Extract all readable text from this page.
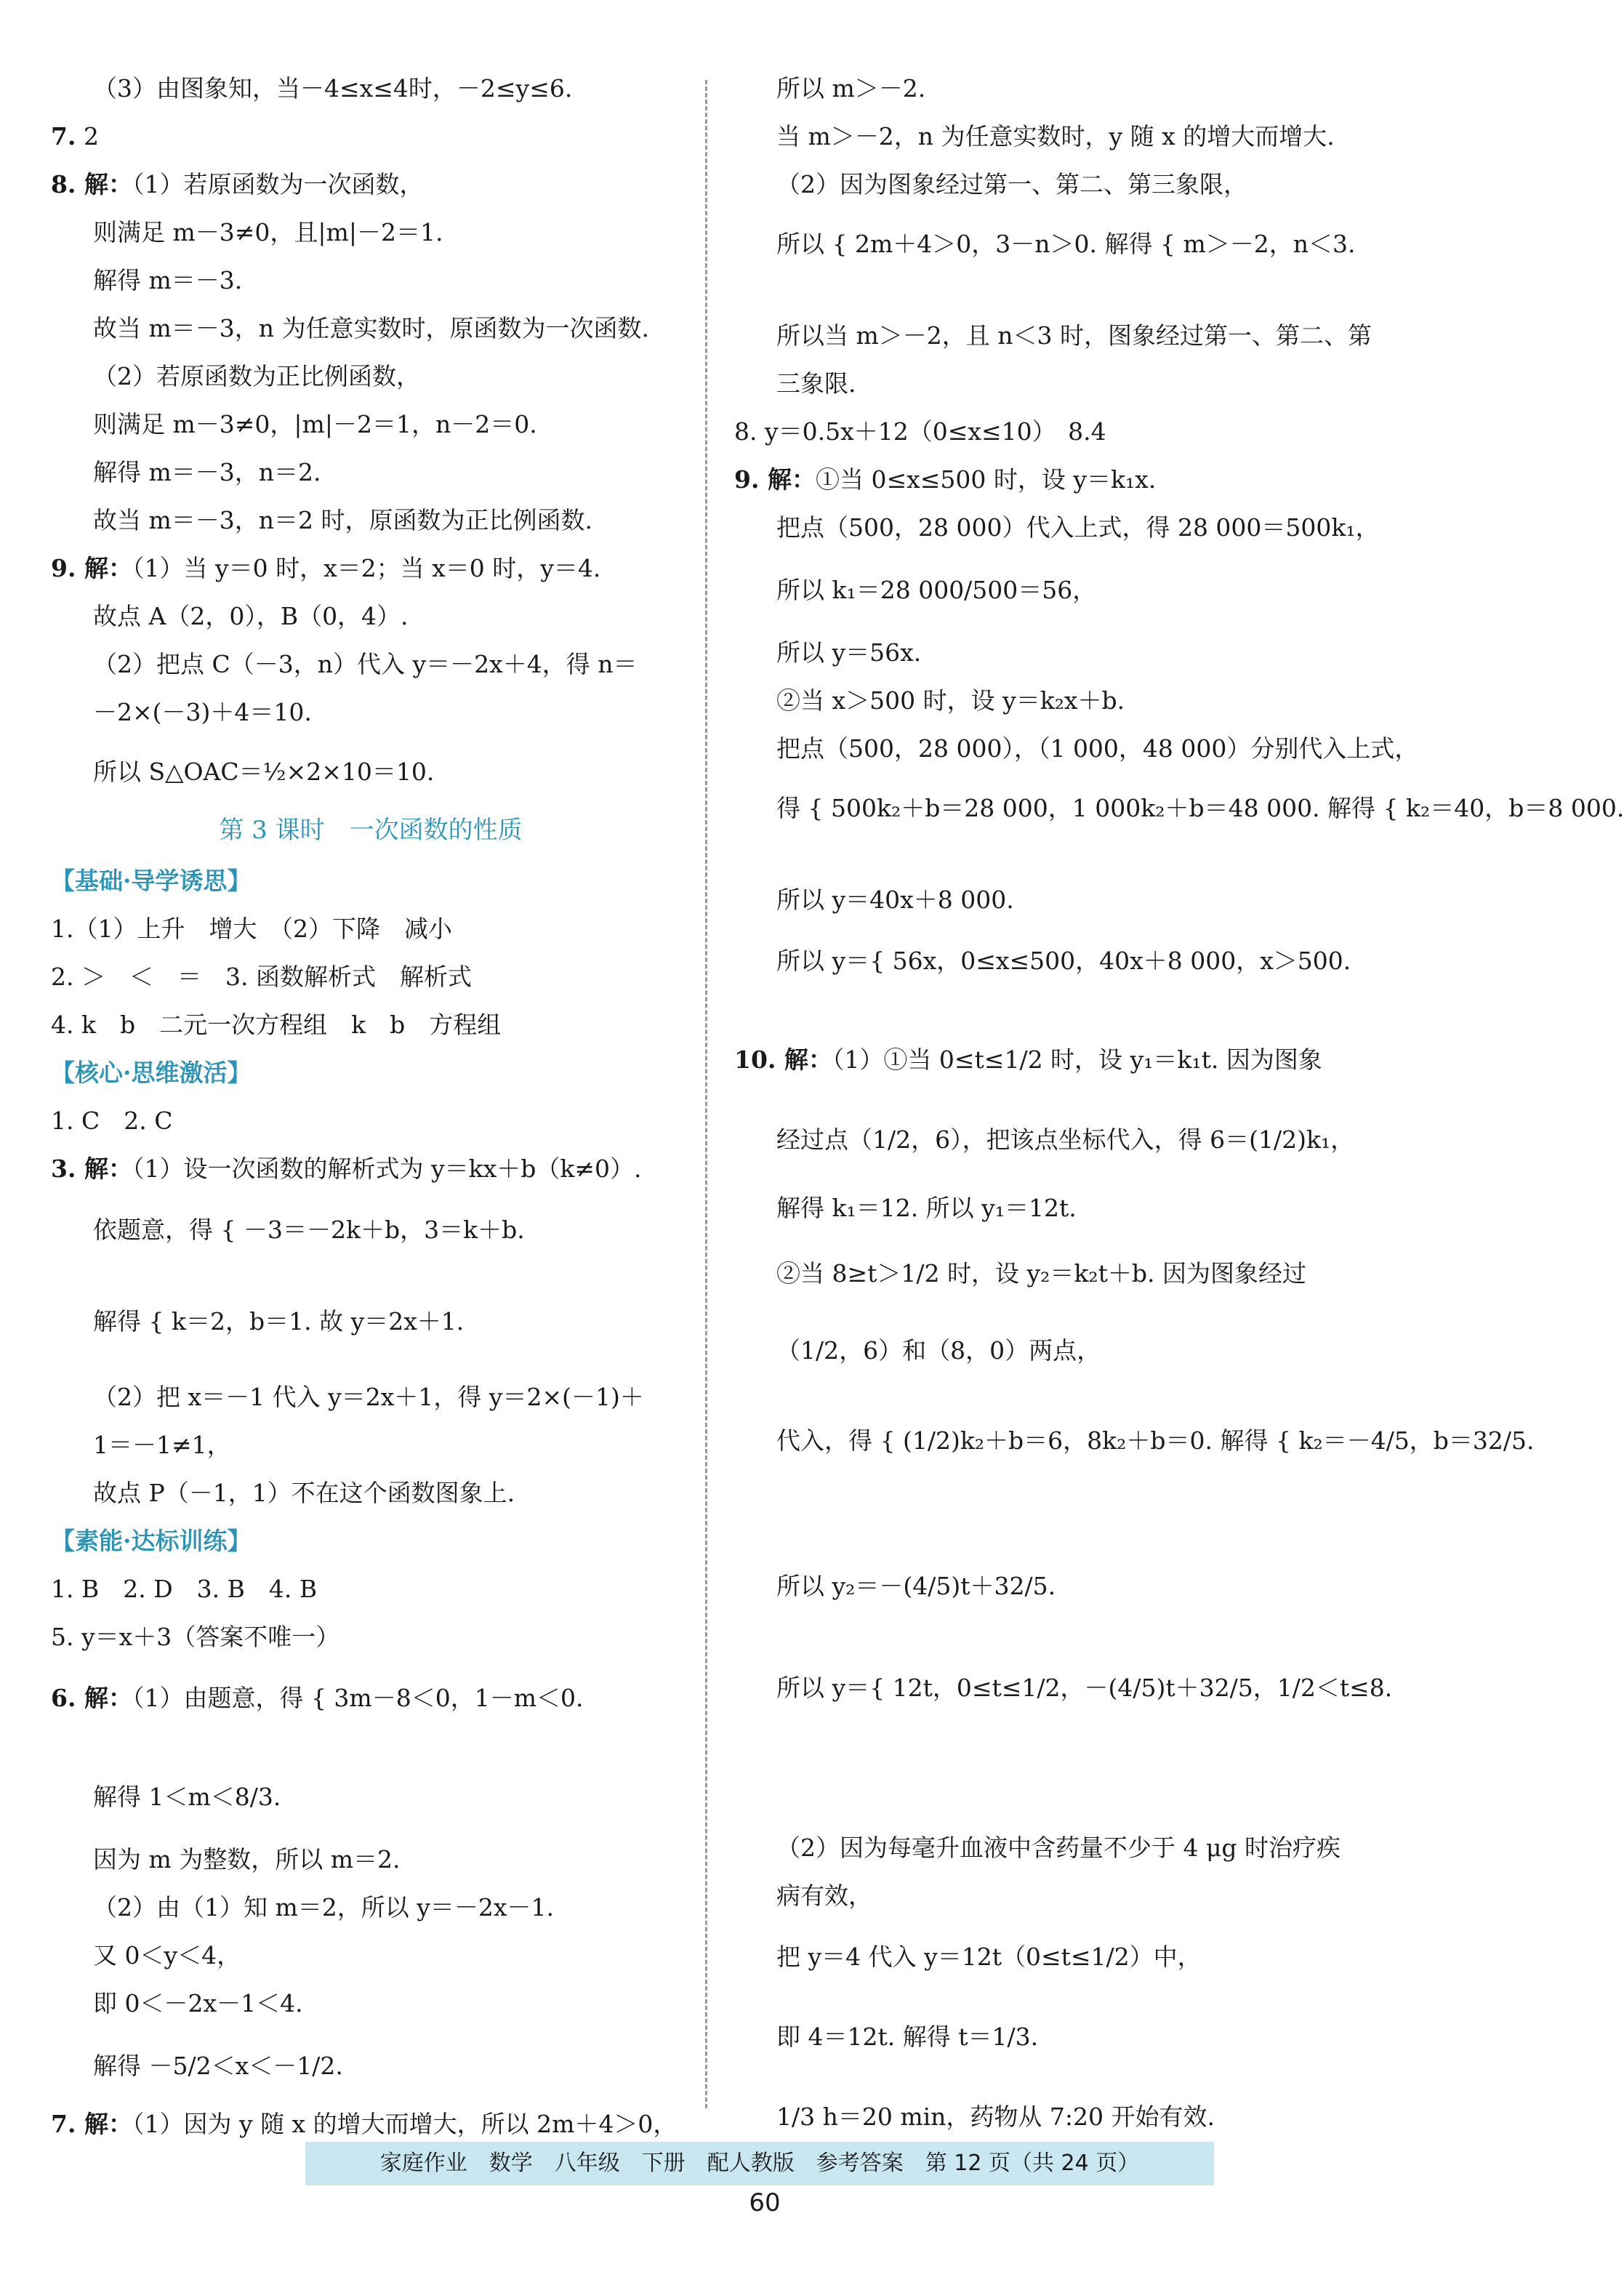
（3）由图象知，当－4≤x≤4时，－2≤y≤6.
7. 2
8. 解：（1）若原函数为一次函数，
则满足 m－3≠0，且|m|－2＝1.
解得 m＝－3.
故当 m＝－3，n 为任意实数时，原函数为一次函数.
（2）若原函数为正比例函数，
则满足 m－3≠0，|m|－2＝1，n－2＝0.
解得 m＝－3，n＝2.
故当 m＝－3，n＝2 时，原函数为正比例函数.
9. 解：（1）当 y＝0 时，x＝2；当 x＝0 时，y＝4.
故点 A（2，0），B（0，4）.
（2）把点 C（－3，n）代入 y＝－2x＋4，得 n＝
－2×(－3)＋4＝10.
所以 S△OAC＝½×2×10＝10.
第 3 课时　一次函数的性质
【基础·导学诱思】
1.（1）上升　增大　（2）下降　减小
2. ＞　＜　＝　3. 函数解析式　解析式
4. k　b　二元一次方程组　k　b　方程组
【核心·思维激活】
1. C　2. C
3. 解：（1）设一次函数的解析式为 y＝kx＋b（k≠0）.
依题意，得 { －3＝－2k＋b，3＝k＋b.
解得 { k＝2，b＝1. 故 y＝2x＋1.
（2）把 x＝－1 代入 y＝2x＋1，得 y＝2×(－1)＋
1＝－1≠1，
故点 P（－1，1）不在这个函数图象上.
【素能·达标训练】
1. B　2. D　3. B　4. B
5. y＝x＋3（答案不唯一）
6. 解：（1）由题意，得 { 3m－8＜0，1－m＜0.
解得 1＜m＜8/3.
因为 m 为整数，所以 m＝2.
（2）由（1）知 m＝2，所以 y＝－2x－1.
又 0＜y＜4，
即 0＜－2x－1＜4.
解得 －5/2＜x＜－1/2.
7. 解：（1）因为 y 随 x 的增大而增大，所以 2m＋4＞0，
所以 m＞－2.
当 m＞－2，n 为任意实数时，y 随 x 的增大而增大.
（2）因为图象经过第一、第二、第三象限，
所以 { 2m＋4＞0，3－n＞0. 解得 { m＞－2，n＜3.
所以当 m＞－2，且 n＜3 时，图象经过第一、第二、第
三象限.
8. y＝0.5x＋12（0≤x≤10）　8.4
9. 解：①当 0≤x≤500 时，设 y＝k₁x.
把点（500，28 000）代入上式，得 28 000＝500k₁，
所以 k₁＝28 000/500＝56，
所以 y＝56x.
②当 x＞500 时，设 y＝k₂x＋b.
把点（500，28 000），（1 000，48 000）分别代入上式，
得 { 500k₂＋b＝28 000，1 000k₂＋b＝48 000. 解得 { k₂＝40，b＝8 000.
所以 y＝40x＋8 000.
所以 y＝{ 56x，0≤x≤500，40x＋8 000，x＞500.
10. 解：（1）①当 0≤t≤1/2 时，设 y₁＝k₁t. 因为图象
经过点（1/2，6），把该点坐标代入，得 6＝(1/2)k₁，
解得 k₁＝12. 所以 y₁＝12t.
②当 8≥t＞1/2 时，设 y₂＝k₂t＋b. 因为图象经过
（1/2，6）和（8，0）两点，
代入，得 { (1/2)k₂＋b＝6，8k₂＋b＝0. 解得 { k₂＝－4/5，b＝32/5.
所以 y₂＝－(4/5)t＋32/5.
所以 y＝{ 12t，0≤t≤1/2，－(4/5)t＋32/5，1/2＜t≤8.
（2）因为每毫升血液中含药量不少于 4 μg 时治疗疾
病有效，
把 y＝4 代入 y＝12t（0≤t≤1/2）中，
即 4＝12t. 解得 t＝1/3.
1/3 h＝20 min，药物从 7:20 开始有效.
家庭作业　数学　八年级　下册　配人教版　参考答案　第 12 页（共 24 页）
60
